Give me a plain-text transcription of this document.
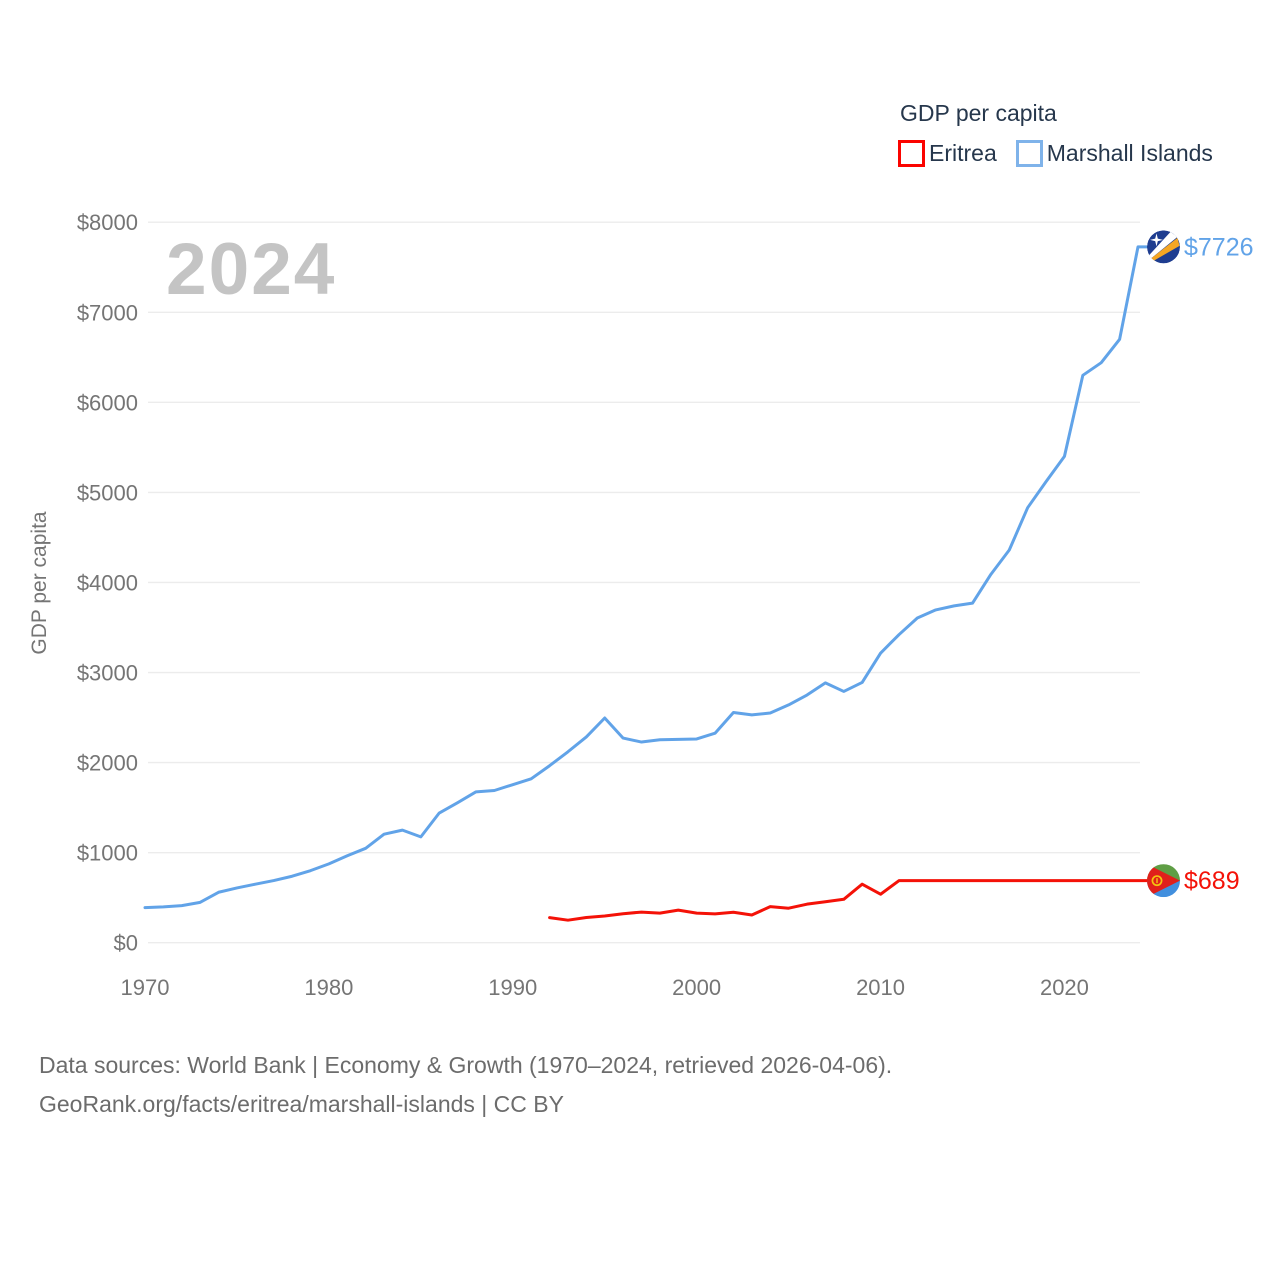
$0
$1000
$2000
$3000
$4000
$5000
$6000
$7000
$8000
1970	1980	1990	2000	2010	2020
GDP per capita
$7726
$689
2024
GDP per capita
Eritrea Marshall Islands
Data sources: World Bank | Economy & Growth (1970–2024, retrieved 2026-04-06).
GeoRank.org/facts/eritrea/marshall-islands | CC BY
